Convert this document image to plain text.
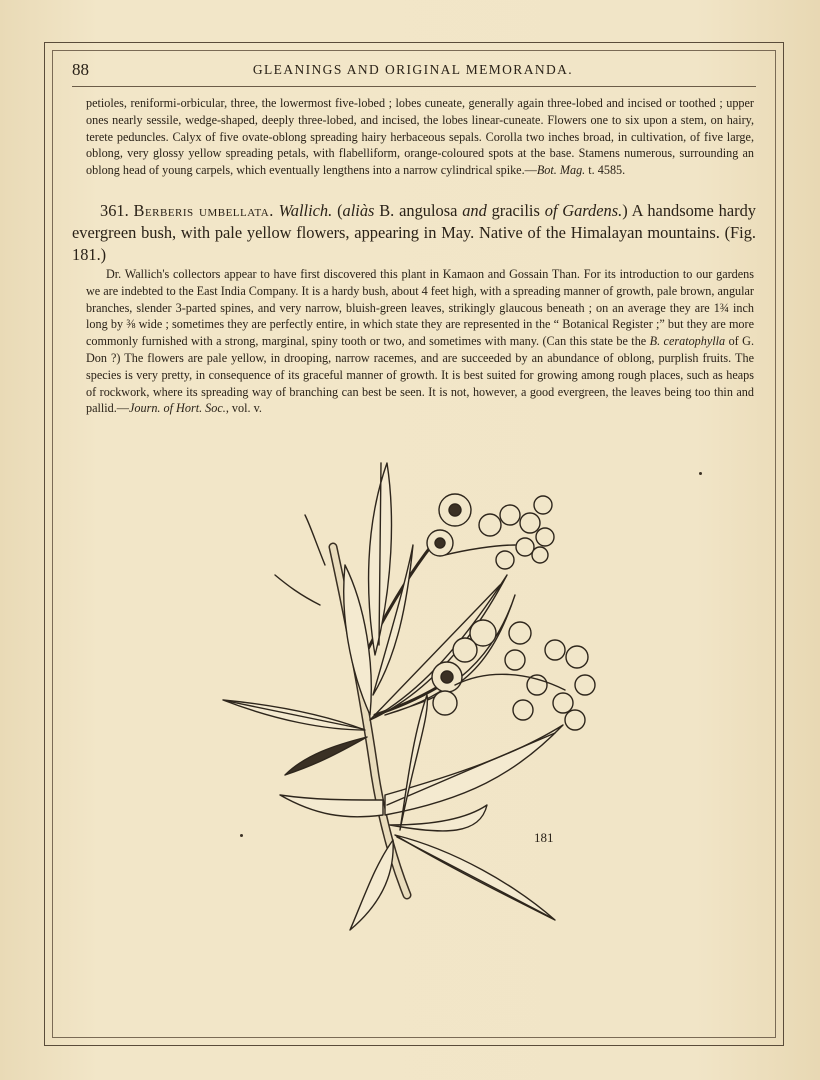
88	GLEANINGS AND ORIGINAL MEMORANDA.
petioles, reniformi-orbicular, three, the lowermost five-lobed ; lobes cuneate, generally again three-lobed and incised or toothed ; upper ones nearly sessile, wedge-shaped, deeply three-lobed, and incised, the lobes linear-cuneate. Flowers one to six upon a stem, on hairy, terete peduncles. Calyx of five ovate-oblong spreading hairy herbaceous sepals. Corolla two inches broad, in cultivation, of five large, oblong, very glossy yellow spreading petals, with flabelliform, orange-coloured spots at the base. Stamens numerous, surrounding an oblong head of young carpels, which eventually lengthens into a narrow cylindrical spike.—Bot. Mag. t. 4585.
361. Berberis umbellata. Wallich. (aliàs B. angulosa and gracilis of Gardens.) A handsome hardy evergreen bush, with pale yellow flowers, appearing in May. Native of the Himalayan mountains. (Fig. 181.)
Dr. Wallich's collectors appear to have first discovered this plant in Kamaon and Gossain Than. For its introduction to our gardens we are indebted to the East India Company. It is a hardy bush, about 4 feet high, with a spreading manner of growth, pale brown, angular branches, slender 3-parted spines, and very narrow, bluish-green leaves, strikingly glaucous beneath ; on an average they are 1¾ inch long by ⅜ wide ; sometimes they are perfectly entire, in which state they are represented in the “ Botanical Register ;” but they are more commonly furnished with a strong, marginal, spiny tooth or two, and sometimes with many. (Can this state be the B. ceratophylla of G. Don ?) The flowers are pale yellow, in drooping, narrow racemes, and are succeeded by an abundance of oblong, purplish fruits. The species is very pretty, in consequence of its graceful manner of growth. It is best suited for growing among rough places, such as heaps of rockwork, where its spreading way of branching can best be seen. It is not, however, a good evergreen, the leaves being too thin and pallid.—Journ. of Hort. Soc., vol. v.
181
